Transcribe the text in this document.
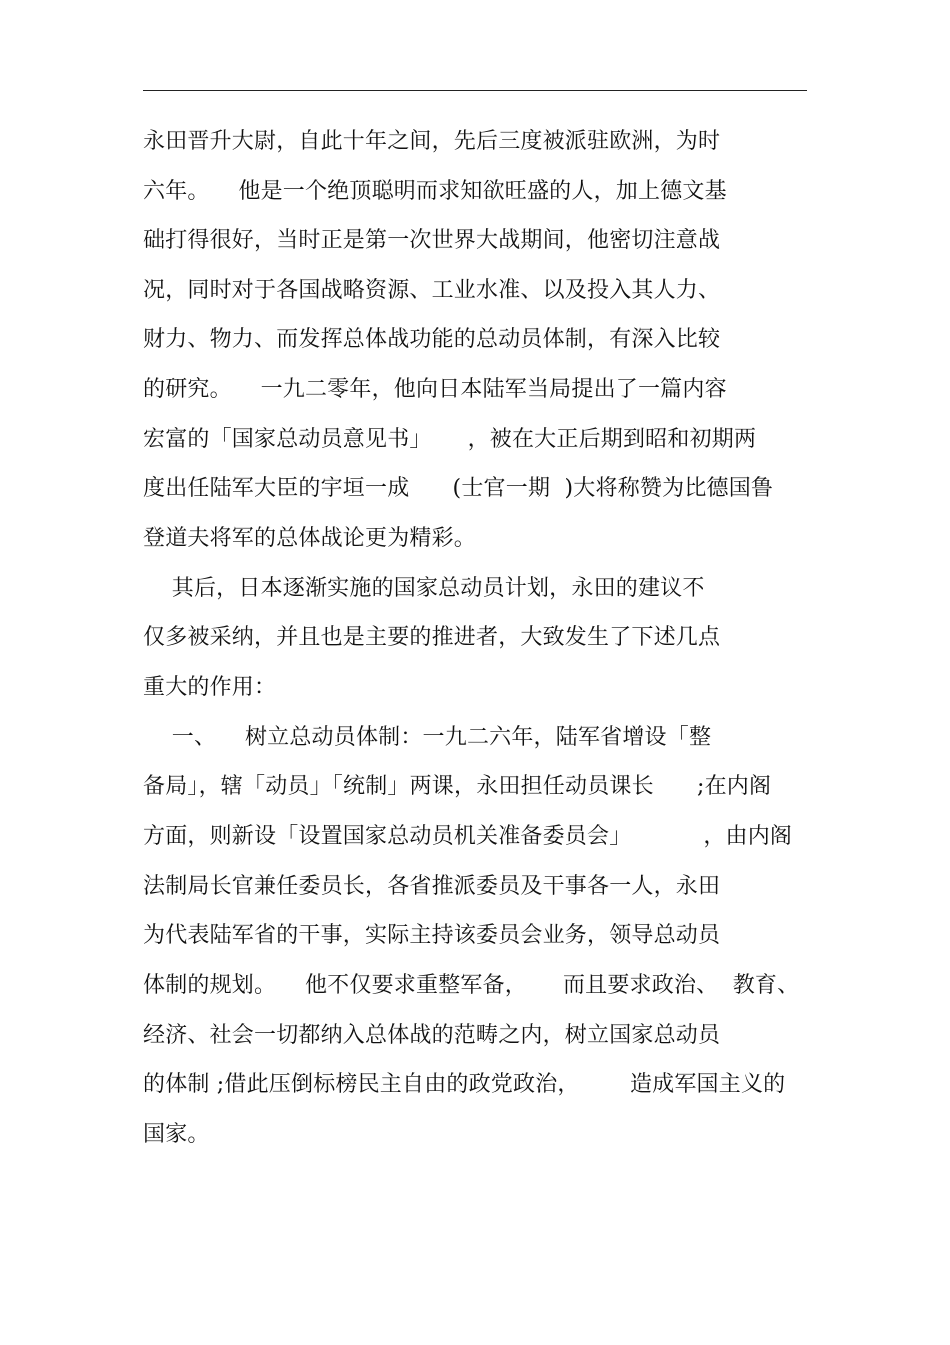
永田晋升大尉，自此十年之间，先后三度被派驻欧洲，为时
六年。    他是一个绝顶聪明而求知欲旺盛的人，加上德文基
础打得很好，当时正是第一次世界大战期间，他密切注意战
况，同时对于各国战略资源、工业水准、以及投入其人力、
财力、物力、而发挥总体战功能的总动员体制，有深入比较
的研究。    一九二零年，他向日本陆军当局提出了一篇内容
宏富的「国家总动员意见书」     ，被在大正后期到昭和初期两
度出任陆军大臣的宇垣一成      (士官一期  )大将称赞为比德国鲁
登道夫将军的总体战论更为精彩。
其后，日本逐渐实施的国家总动员计划，永田的建议不
仅多被采纳，并且也是主要的推进者，大致发生了下述几点
重大的作用：
一、    树立总动员体制：一九二六年，陆军省增设「整
备局」，辖「动员」「统制」两课，永田担任动员课长      ;在内阁
方面，则新设「设置国家总动员机关准备委员会」          ，由内阁
法制局长官兼任委员长，各省推派委员及干事各一人，永田
为代表陆军省的干事，实际主持该委员会业务，领导总动员
体制的规划。    他不仅要求重整军备，     而且要求政治、  教育、
经济、社会一切都纳入总体战的范畴之内，树立国家总动员
的体制 ;借此压倒标榜民主自由的政党政治，       造成军国主义的
国家。
